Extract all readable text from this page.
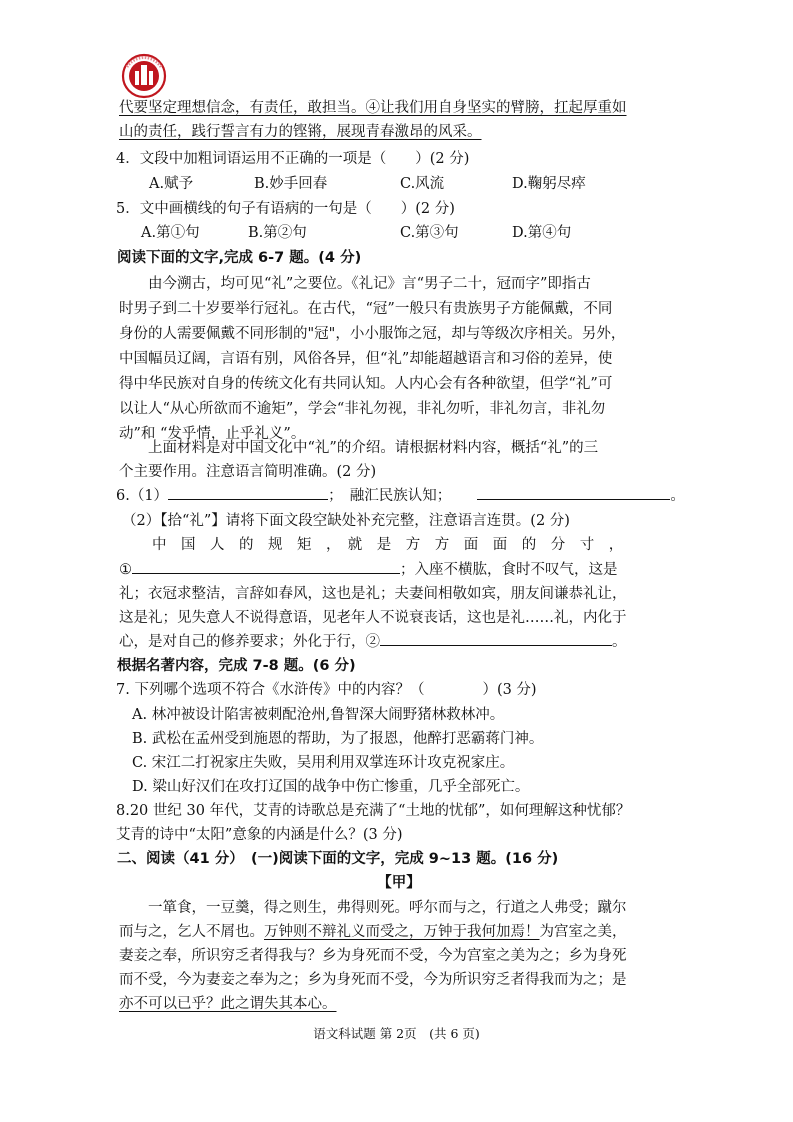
代要坚定理想信念，有责任，敢担当。④让我们用自身坚实的臂膀，扛起厚重如
山的责任，践行誓言有力的铿锵，展现青春激昂的风采。
4．文段中加粗词语运用不正确的一项是（　　）(2 分)
A.赋予	B.妙手回春	C.风流	D.鞠躬尽瘁
5．文中画横线的句子有语病的一句是（　　）(2 分)
A.第①句	B.第②句	C.第③句	D.第④句
阅读下面的文字,完成 6-7 题。(4 分)
由今溯古，均可见“礼”之要位。《礼记》言“男子二十，冠而字”即指古
时男子到二十岁要举行冠礼。在古代，“冠”一般只有贵族男子方能佩戴，不同
身份的人需要佩戴不同形制的"冠"，小小服饰之冠，却与等级次序相关。另外，
中国幅员辽阔，言语有别，风俗各异，但“礼”却能超越语言和习俗的差异，使
得中华民族对自身的传统文化有共同认知。人内心会有各种欲望，但学“礼”可
以让人“从心所欲而不逾矩”，学会“非礼勿视，非礼勿听，非礼勿言，非礼勿
动”和 “发乎情，止乎礼义”。
上面材料是对中国文化中“礼”的介绍。请根据材料内容，概括“礼”的三
个主要作用。注意语言简明准确。(2 分)
6.（1）	；　融汇民族认知；	。
（2）【拾“礼”】请将下面文段空缺处补充完整，注意语言连贯。(2 分)
中　国　人　的　规　矩　，　就　是　方　方　面　面　的　分　寸　，
①	；入座不横肱，食时不叹气，这是
礼；衣冠求整洁，言辞如春风，这也是礼；夫妻间相敬如宾，朋友间谦恭礼让，
这是礼；见失意人不说得意语，见老年人不说衰丧话，这也是礼……礼，内化于
心，是对自己的修养要求；外化于行，②	。
根据名著内容，完成 7-8 题。(6 分)
7. 下列哪个选项不符合《水浒传》中的内容？（　　　　）(3 分)
A. 林冲被设计陷害被刺配沧州,鲁智深大闹野猪林救林冲。
B. 武松在孟州受到施恩的帮助，为了报恩，他醉打恶霸蒋门神。
C. 宋江二打祝家庄失败，吴用利用双掌连环计攻克祝家庄。
D. 梁山好汉们在攻打辽国的战争中伤亡惨重，几乎全部死亡。
8.20 世纪 30 年代，艾青的诗歌总是充满了“土地的忧郁”，如何理解这种忧郁？
艾青的诗中“太阳”意象的内涵是什么？(3 分)
二、阅读（41 分）　(一)阅读下面的文字，完成 9~13 题。(16 分)
【甲】
一箪食，一豆羹，得之则生，弗得则死。呼尔而与之，行道之人弗受；蹴尔
而与之，乞人不屑也。万钟则不辩礼义而受之，万钟于我何加焉！为宫室之美，
妻妾之奉，所识穷乏者得我与？乡为身死而不受，今为宫室之美为之；乡为身死
而不受，今为妻妾之奉为之；乡为身死而不受，今为所识穷乏者得我而为之；是
亦不可以已乎？此之谓失其本心。
语文科试题 第 2页　(共 6 页)
